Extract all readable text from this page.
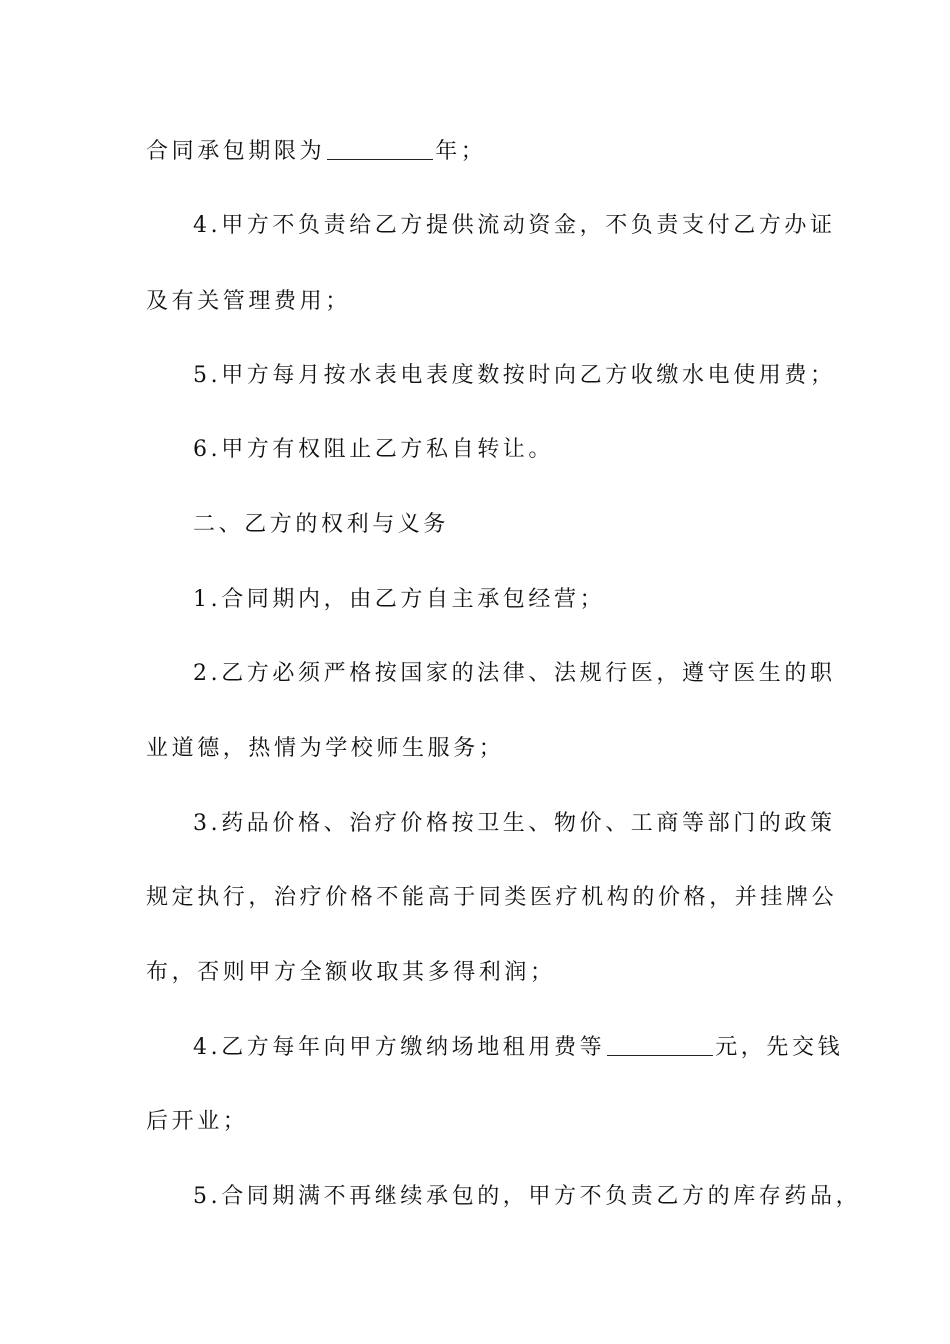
合同承包期限为	年；
4.甲方不负责给乙方提供流动资金，不负责支付乙方办证
及有关管理费用；
5.甲方每月按水表电表度数按时向乙方收缴水电使用费；
6.甲方有权阻止乙方私自转让。
二、乙方的权利与义务
1.合同期内，由乙方自主承包经营；
2.乙方必须严格按国家的法律、法规行医，遵守医生的职
业道德，热情为学校师生服务；
3.药品价格、治疗价格按卫生、物价、工商等部门的政策
规定执行，治疗价格不能高于同类医疗机构的价格，并挂牌公
布，否则甲方全额收取其多得利润；
4.乙方每年向甲方缴纳场地租用费等	元，先交钱
后开业；
5.合同期满不再继续承包的，甲方不负责乙方的库存药品，
